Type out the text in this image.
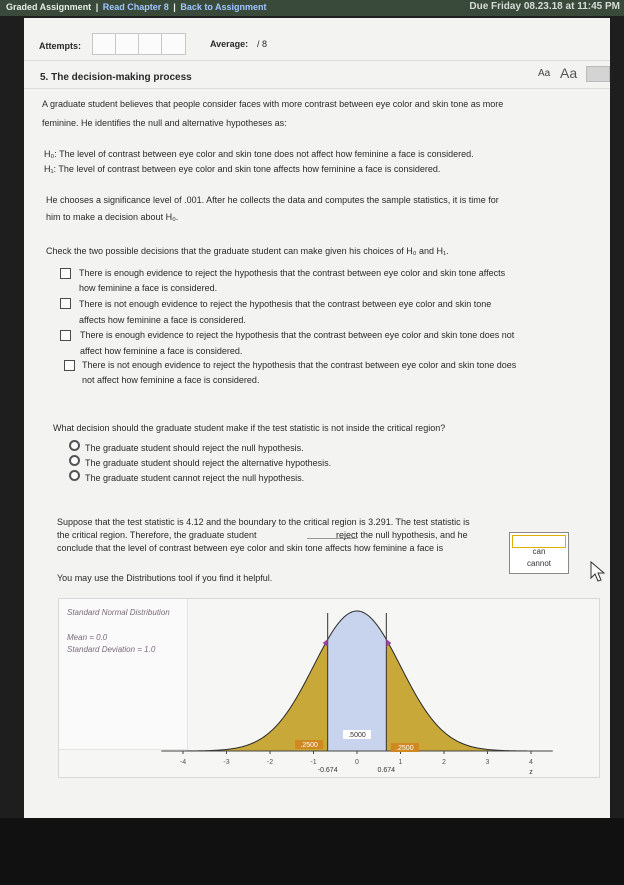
Graded Assignment | Read Chapter 8 | Back to Assignment	Due Friday 08.23.18 at 11:45 PM
Attempts:	Average: / 8
5. The decision-making process	Aa Aa
A graduate student believes that people consider faces with more contrast between eye color and skin tone as more
feminine. He identifies the null and alternative hypotheses as:
H₀: The level of contrast between eye color and skin tone does not affect how feminine a face is considered.
H₁: The level of contrast between eye color and skin tone affects how feminine a face is considered.
He chooses a significance level of .001. After he collects the data and computes the sample statistics, it is time for
him to make a decision about H₀.
Check the two possible decisions that the graduate student can make given his choices of H₀ and H₁.
There is enough evidence to reject the hypothesis that the contrast between eye color and skin tone affects
how feminine a face is considered.
There is not enough evidence to reject the hypothesis that the contrast between eye color and skin tone
affects how feminine a face is considered.
There is enough evidence to reject the hypothesis that the contrast between eye color and skin tone does not
affect how feminine a face is considered.
There is not enough evidence to reject the hypothesis that the contrast between eye color and skin tone does
not affect how feminine a face is considered.
What decision should the graduate student make if the test statistic is not inside the critical region?
The graduate student should reject the null hypothesis.
The graduate student should reject the alternative hypothesis.
The graduate student cannot reject the null hypothesis.
Suppose that the test statistic is 4.12 and the boundary to the critical region is 3.291. The test statistic is
the critical region. Therefore, the graduate student	reject the null hypothesis, and he
conclude that the level of contrast between eye color and skin tone affects how feminine a face is	can
cannot
You may use the Distributions tool if you find it helpful.
Standard Normal Distribution
Mean = 0.0
Standard Deviation = 1.0
-4	-3	-2	-1	0	1	2	3	4
.5000
.2500	.2500
-0.674	0.674	z
